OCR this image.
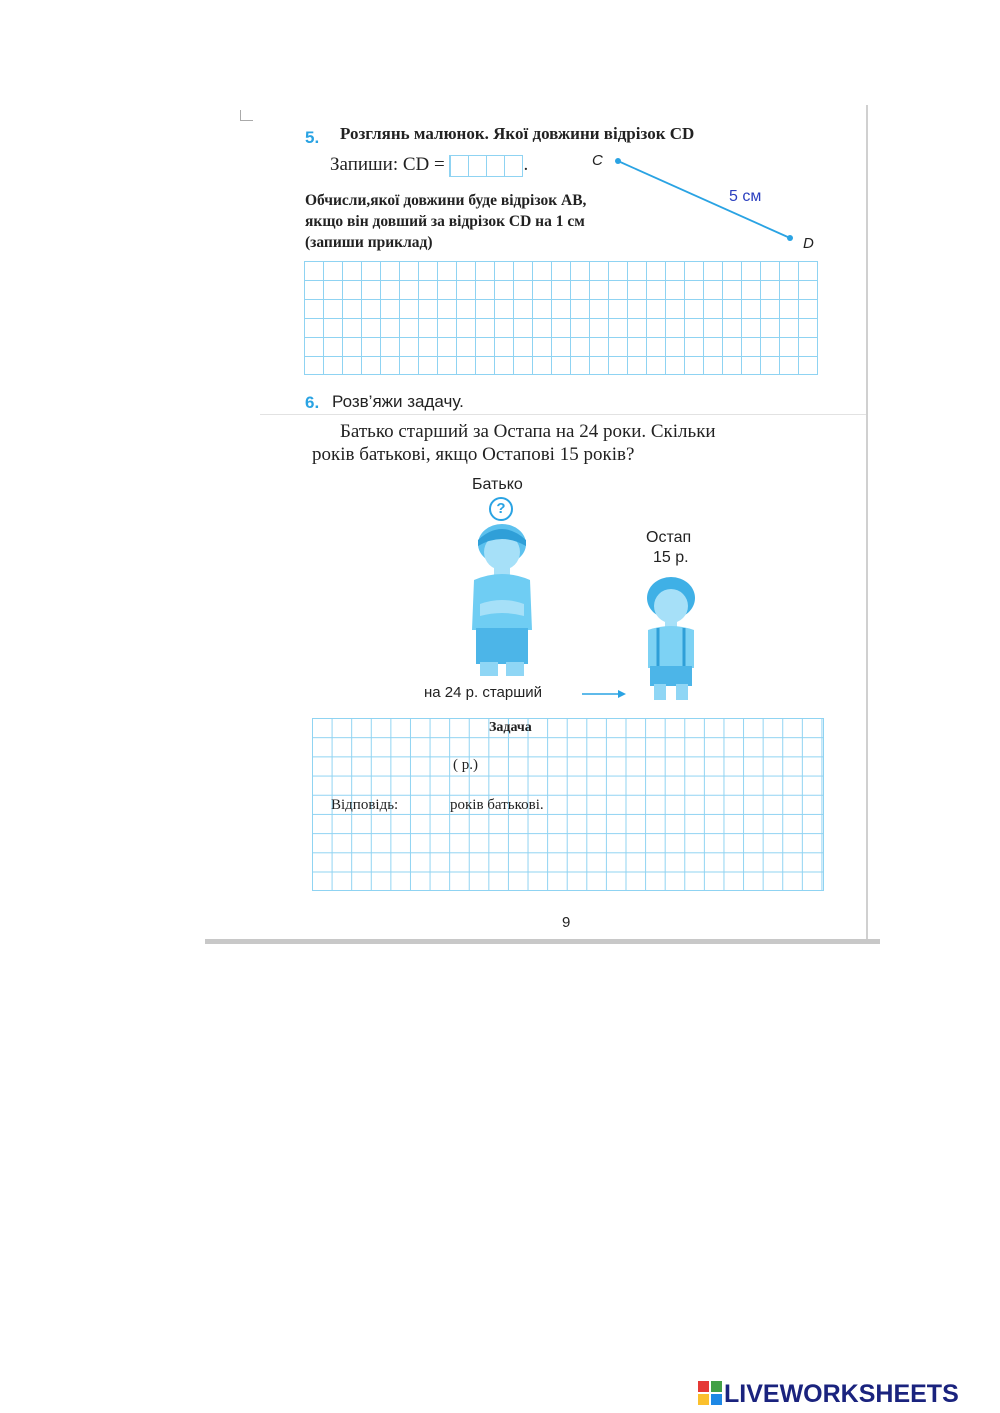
5. Розглянь малюнок. Якої довжини відрізок CD
Запиши: CD =	.	C
D
5 см
Обчисли,якої довжини буде відрізок АВ,
якщо він довший за відрізок CD на 1 см
(запиши приклад)
6. Розв’яжи задачу.
Батько старший за Остапа на 24 роки. Скільки
років батькові, якщо Остапові 15 років?
Батько
?
Остап
15 р.
на 24 р. старший
Задача
( р.)
Відповідь:	років батькові.
9
LIVEWORKSHEETS
